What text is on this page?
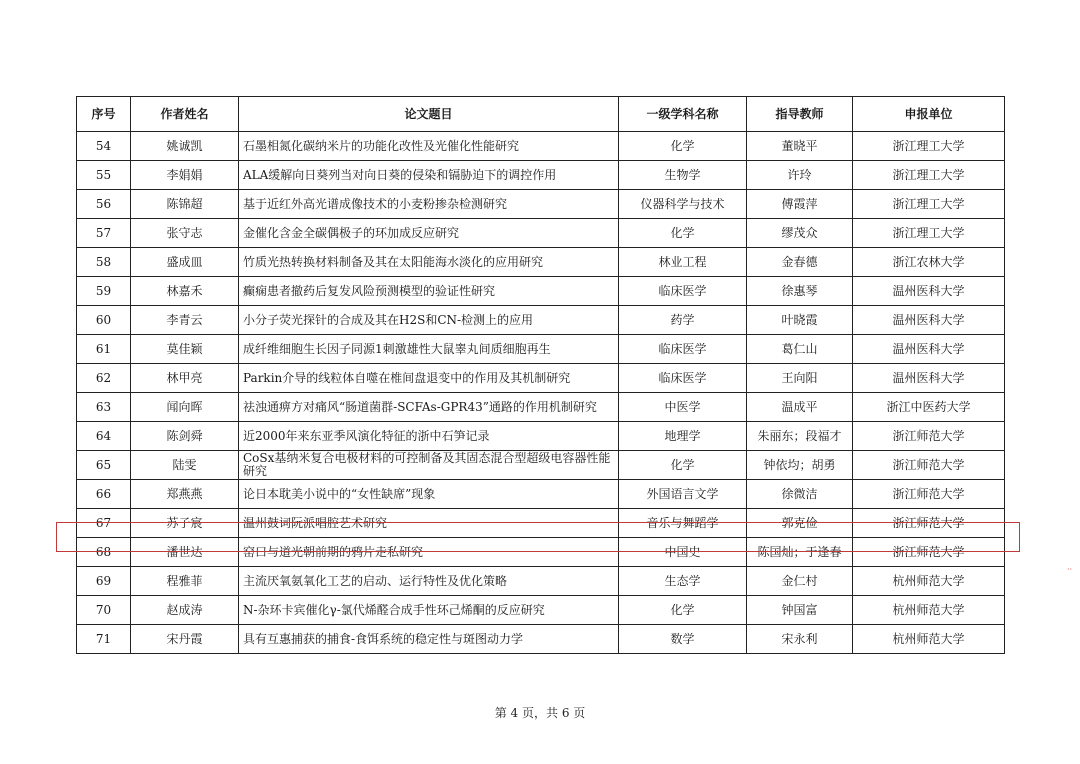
序号	作者姓名	论文题目	一级学科名称	指导教师	申报单位
54	姚诚凯	石墨相氮化碳纳米片的功能化改性及光催化性能研究	化学	董晓平	浙江理工大学
55	李娟娟	ALA缓解向日葵列当对向日葵的侵染和镉胁迫下的调控作用	生物学	许玲	浙江理工大学
56	陈锦超	基于近红外高光谱成像技术的小麦粉掺杂检测研究	仪器科学与技术	傅霞萍	浙江理工大学
57	张守志	金催化含金全碳偶极子的环加成反应研究	化学	缪茂众	浙江理工大学
58	盛成皿	竹质光热转换材料制备及其在太阳能海水淡化的应用研究	林业工程	金春德	浙江农林大学
59	林嘉禾	癫痫患者撤药后复发风险预测模型的验证性研究	临床医学	徐惠琴	温州医科大学
60	李青云	小分子荧光探针的合成及其在H2S和CN-检测上的应用	药学	叶晓霞	温州医科大学
61	莫佳颖	成纤维细胞生长因子同源1刺激雄性大鼠睾丸间质细胞再生	临床医学	葛仁山	温州医科大学
62	林甲亮	Parkin介导的线粒体自噬在椎间盘退变中的作用及其机制研究	临床医学	王向阳	温州医科大学
63	闻向晖	祛浊通痹方对痛风“肠道菌群-SCFAs-GPR43”通路的作用机制研究	中医学	温成平	浙江中医药大学
64	陈剑舜	近2000年来东亚季风演化特征的浙中石笋记录	地理学	朱丽东；段福才	浙江师范大学
65	陆雯	CoSx基纳米复合电极材料的可控制备及其固态混合型超级电容器性能研究	化学	钟依均；胡勇	浙江师范大学
66	郑燕燕	论日本耽美小说中的“女性缺席”现象	外国语言文学	徐微洁	浙江师范大学
67	苏子宸	温州鼓词阮派唱腔艺术研究	音乐与舞蹈学	郭克俭	浙江师范大学
68	潘世达	窑口与道光朝前期的鸦片走私研究	中国史	陈国灿；于逢春	浙江师范大学
69	程雅菲	主流厌氧氨氧化工艺的启动、运行特性及优化策略	生态学	金仁村	杭州师范大学
70	赵成涛	N-杂环卡宾催化γ-氯代烯醛合成手性环己烯酮的反应研究	化学	钟国富	杭州师范大学
71	宋丹霞	具有互惠捕获的捕食-食饵系统的稳定性与斑图动力学	数学	宋永利	杭州师范大学
第 4 页，共 6 页
··
